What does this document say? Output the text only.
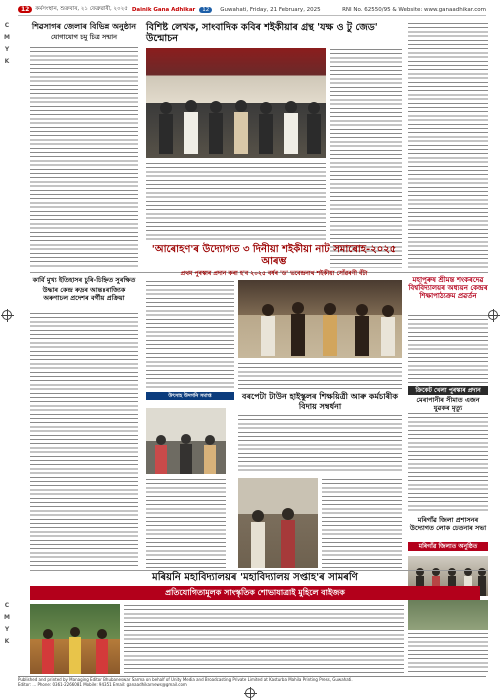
C
M
Y
K
C
M
Y
K
12	কৰ্মসংস্থান, শুক্ৰবাৰ, ২১ ফেব্ৰুৱাৰী, ২০২৫ Dainik Gana Adhikar	12	Guwahati, Friday, 21 February, 2025	RNI No. 62550/95 & Website: www.ganaadhikar.com
শিৱসাগৰ জেলাৰ বিভিন্ন অনুষ্ঠান
যোগাযোগ চমু চিত্ৰ সন্মান
বিশিষ্ট লেখক, সাংবাদিক কবিৰ শইকীয়াৰ গ্ৰন্থ 'যক্ষ ও টু জেড' উন্মোচন
'আৰোহণ'ৰ উদ্যোগত ৩ দিনীয়া শইকীয়া নাট সমাৰোহ-২০২৫ আৰম্ভ
প্ৰথম পুৰস্কাৰ প্ৰদান কৰা হ'ব ২০২৫ বৰ্ষৰ 'ড' ভবেন্দ্ৰনাথ শইকীয়া সোঁৱৰণী বঁটা
কাৰ্বি মুখ্য ইতিহাসৰ চুৰি-চিহ্নিত সুৰক্ষিত
উদ্ধাৰ কেন্দ্ৰ ৰুদ্ৰৰ আন্তঃৰাজ্যিক অৰুণাচল প্ৰদেশৰ বৰ্গীয় প্ৰক্ৰিয়া
মহাপুৰুষ শ্ৰীমন্ত শংকৰদেৱ বিশ্ববিদ্যালয়ৰ অধ্যয়ন কেন্দ্ৰৰ শিক্ষাপাঠ্যক্ৰম প্ৰৱৰ্তন
ক্ৰিকেট খেলা পুৰস্কাৰ প্ৰদান
মেৰাপানীৰ সীমাত এজন যুৱকৰ মৃত্যু
বৰপেটা টাউন হাইস্কুলৰ শিক্ষয়িত্ৰী আৰু কৰ্মচাৰীক বিদায় সম্বৰ্ধনা
উৎসাহ উদগনি সমাপ্ত
মৰিগাঁৱ জিলা প্ৰশাসনৰ উদ্যোগত লোক চেতনাৰ সভা
মৰিগাঁৱ জিলাত অনুষ্ঠিত
মৰিয়নি মহাবিদ্যালয়ৰ 'মহাবিদ্যালয় সপ্তাহ'ৰ সামৰণি
প্ৰতিযোগিতামূলক সাংস্কৃতিক শোভাযাত্ৰাই মুহিলে বাইজক
Published and printed by Managing Editor Bhubaneswar Sarma on behalf of Unity Media and Broadcasting Private Limited at Kasturba Mahila Printing Press, Guwahati.
Editor: ... Phone: 0361-2266081 Mobile: 94351 Email: ganaadhikarnews@gmail.com
